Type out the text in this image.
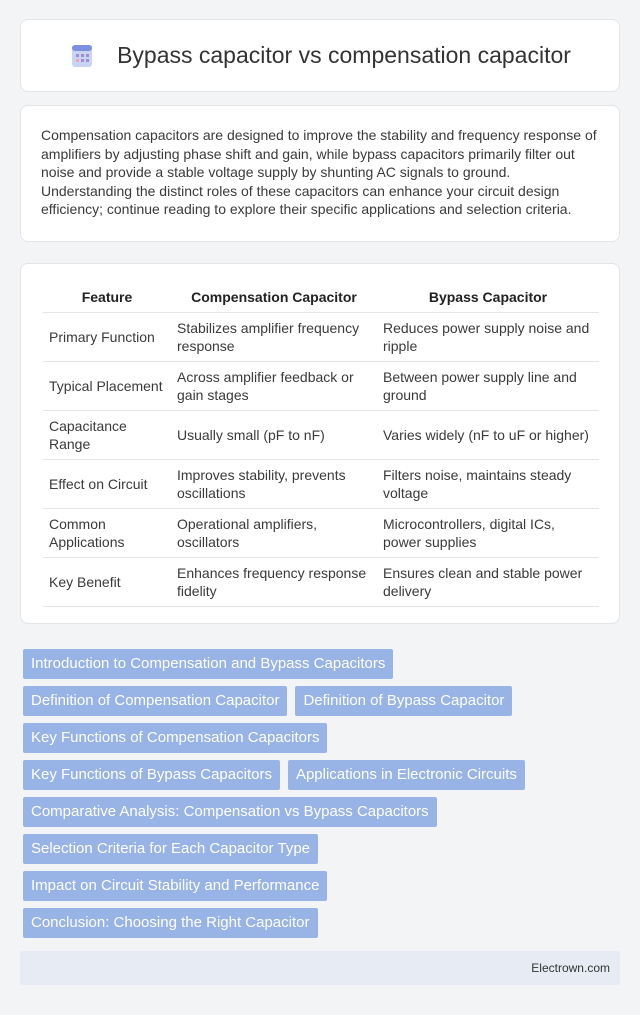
Bypass capacitor vs compensation capacitor

Compensation capacitors are designed to improve the stability and frequency response of amplifiers by adjusting phase shift and gain, while bypass capacitors primarily filter out noise and provide a stable voltage supply by shunting AC signals to ground. Understanding the distinct roles of these capacitors can enhance your circuit design efficiency; continue reading to explore their specific applications and selection criteria.

Feature	Compensation Capacitor	Bypass Capacitor
Primary Function	Stabilizes amplifier frequency response	Reduces power supply noise and ripple
Typical Placement	Across amplifier feedback or gain stages	Between power supply line and ground
Capacitance Range	Usually small (pF to nF)	Varies widely (nF to uF or higher)
Effect on Circuit	Improves stability, prevents oscillations	Filters noise, maintains steady voltage
Common Applications	Operational amplifiers, oscillators	Microcontrollers, digital ICs, power supplies
Key Benefit	Enhances frequency response fidelity	Ensures clean and stable power delivery
Introduction to Compensation and Bypass Capacitors
Definition of Compensation Capacitor	Definition of Bypass Capacitor
Key Functions of Compensation Capacitors
Key Functions of Bypass Capacitors	Applications in Electronic Circuits
Comparative Analysis: Compensation vs Bypass Capacitors
Selection Criteria for Each Capacitor Type
Impact on Circuit Stability and Performance
Conclusion: Choosing the Right Capacitor
Electrown.com
